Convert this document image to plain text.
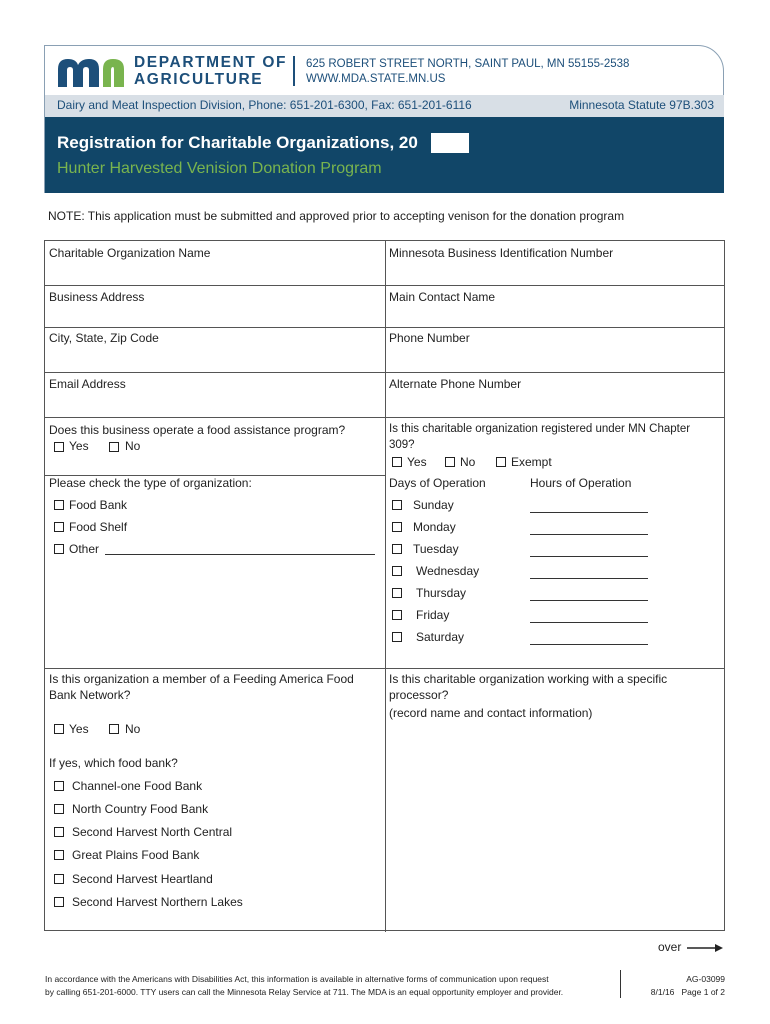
DEPARTMENT OF
AGRICULTURE
625 ROBERT STREET NORTH, SAINT PAUL, MN 55155-2538
WWW.MDA.STATE.MN.US
Dairy and Meat Inspection Division, Phone: 651-201-6300, Fax: 651-201-6116	Minnesota Statute 97B.303
Registration for Charitable Organizations, 20
Hunter Harvested Venision Donation Program
NOTE: This application must be submitted and approved prior to accepting venison for the donation program
Charitable Organization Name	Minnesota Business Identification Number
Business Address	Main Contact Name
City, State, Zip Code	Phone Number
Email Address	Alternate Phone Number
Does this business operate a food assistance program?
Yes	No
Is this charitable organization registered under MN Chapter
309?
Yes	No	Exempt
Please check the type of organization:
Food Bank
Food Shelf
Other
Days of Operation	Hours of Operation
Sunday
Monday
Tuesday
Wednesday
Thursday
Friday
Saturday
Is this organization a member of a Feeding America Food
Bank Network?
Yes	No
If yes, which food bank?
Channel-one Food Bank
North Country Food Bank
Second Harvest North Central
Great Plains Food Bank
Second Harvest Heartland
Second Harvest Northern Lakes
Is this charitable organization working with a specific
processor?
(record name and contact information)
over
In accordance with the Americans with Disabilities Act, this information is available in alternative forms of communication upon request
by calling 651-201-6000. TTY users can call the Minnesota Relay Service at 711. The MDA is an equal opportunity employer and provider.
AG-03099
8/1/16 Page 1 of 2
